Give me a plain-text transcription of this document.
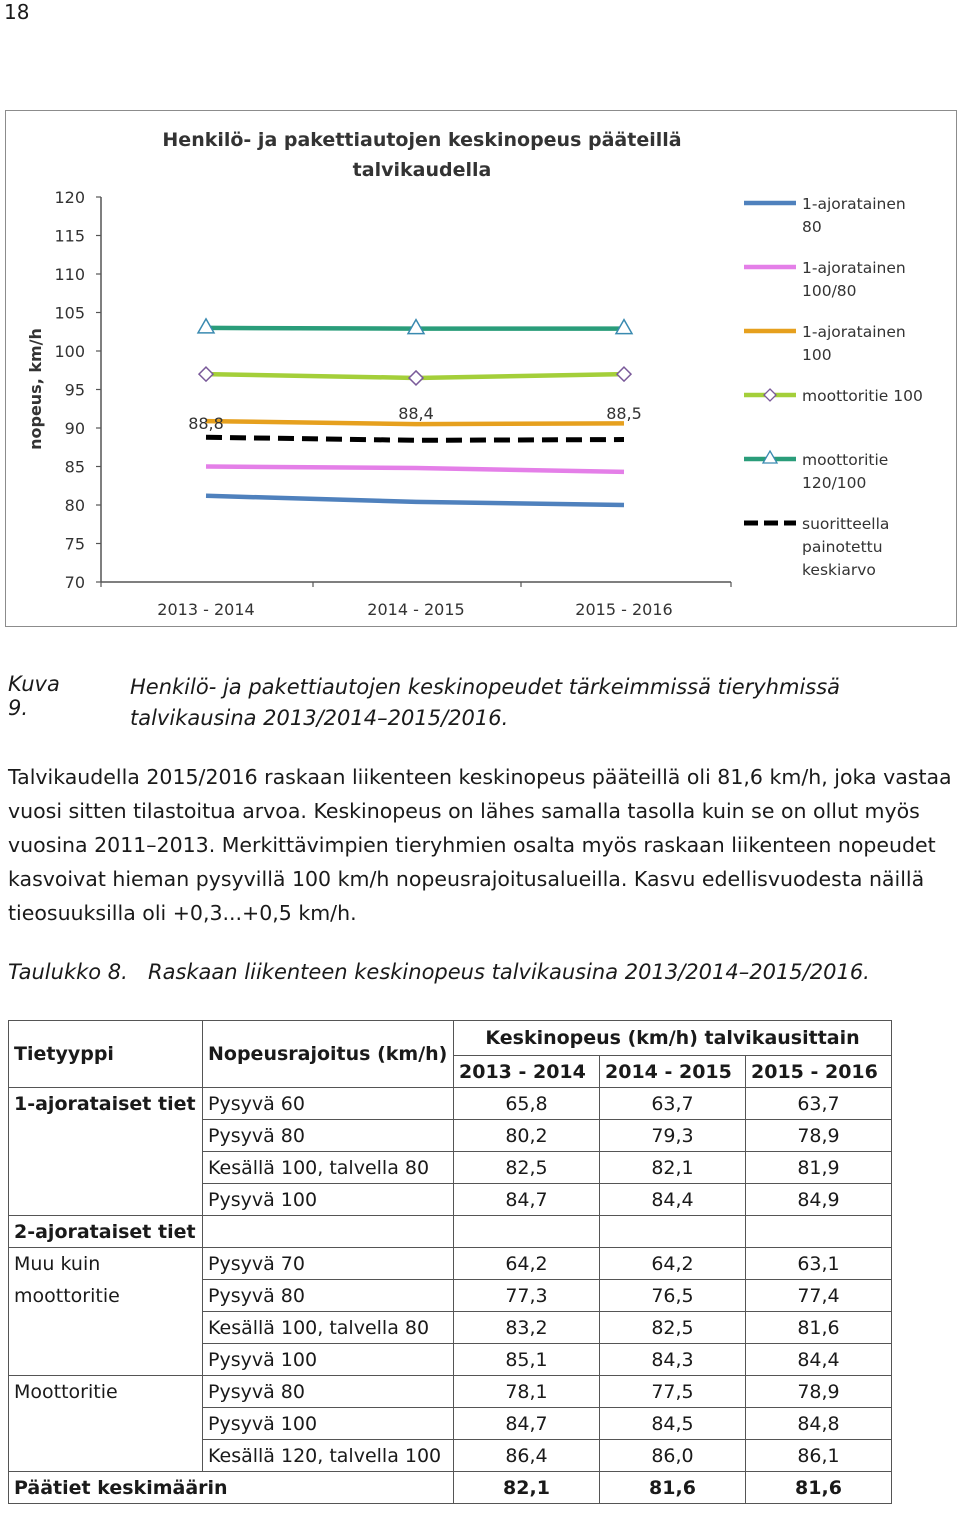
18
Henkilö- ja pakettiautojen keskinopeus pääteillä
talvikaudella
120
115
110
105
100
95
90
85
80
75
70
2013 - 2014	2014 - 2015	2015 - 2016
nopeus, km/h	88,8
88,4	88,5
1-ajoratainen
80
1-ajoratainen
100/80
1-ajoratainen
100
moottoritie 100
moottoritie
120/100
suoritteella
painotettu
keskiarvo
Kuva 9.
Henkilö- ja pakettiautojen keskinopeudet tärkeimmissä tieryhmissä talvikausina 2013/2014–2015/2016.
Talvikaudella 2015/2016 raskaan liikenteen keskinopeus pääteillä oli 81,6 km/h, joka vastaa vuosi sitten tilastoitua arvoa. Keskinopeus on lähes samalla tasolla kuin se on ollut myös vuosina 2011–2013. Merkittävimpien tieryhmien osalta myös raskaan liikenteen nopeudet kasvoivat hieman pysyvillä 100 km/h nopeusrajoitusalueilla. Kasvu edellisvuodesta näillä tieosuuksilla oli +0,3...+0,5 km/h.
Taulukko 8. Raskaan liikenteen keskinopeus talvikausina 2013/2014–2015/2016.
Tietyyppi	Nopeusrajoitus (km/h)	Keskinopeus (km/h) talvikausittain		
		2013 - 2014	2014 - 2015	2015 - 2016
1-ajorataiset tiet	Pysyvä 60	65,8	63,7	63,7
	Pysyvä 80	80,2	79,3	78,9
	Kesällä 100, talvella 80	82,5	82,1	81,9
	Pysyvä 100	84,7	84,4	84,9
2-ajorataiset tiet				
Muu kuin	Pysyvä 70	64,2	64,2	63,1
moottoritie	Pysyvä 80	77,3	76,5	77,4
	Kesällä 100, talvella 80	83,2	82,5	81,6
	Pysyvä 100	85,1	84,3	84,4
Moottoritie	Pysyvä 80	78,1	77,5	78,9
	Pysyvä 100	84,7	84,5	84,8
	Kesällä 120, talvella 100	86,4	86,0	86,1
Päätiet keskimäärin		82,1	81,6	81,6
